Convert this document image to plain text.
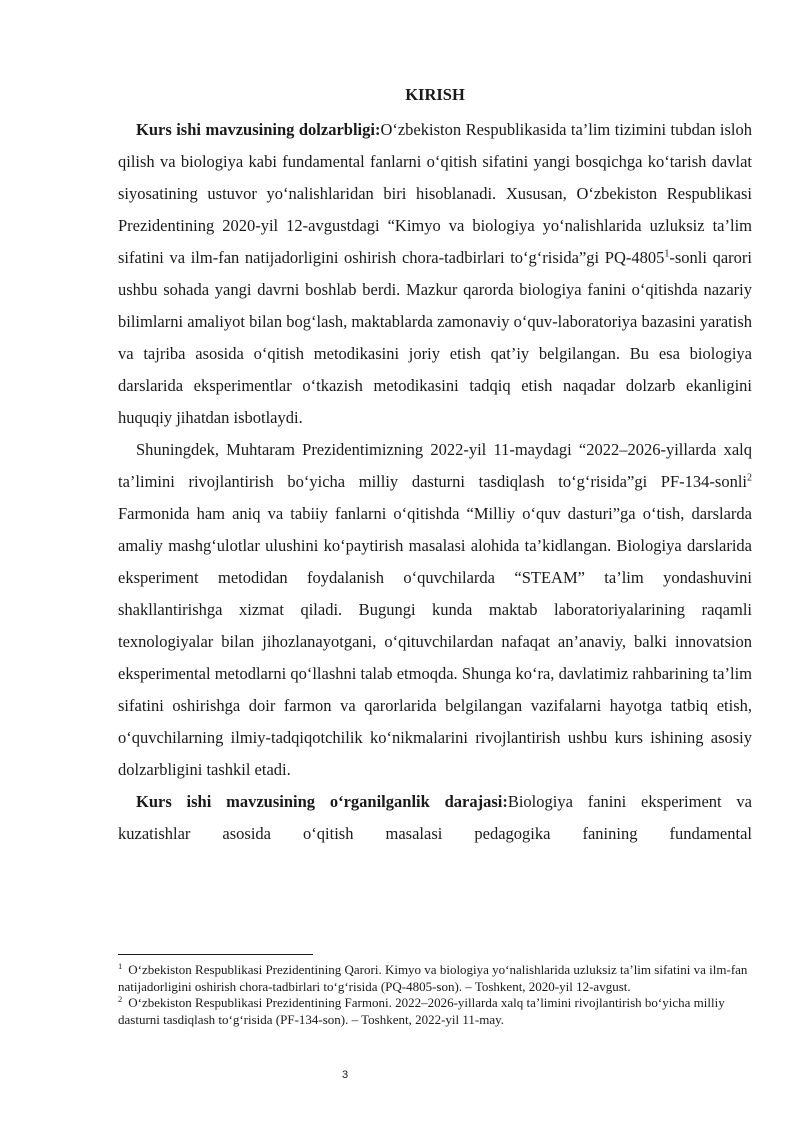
KIRISH

Kurs ishi mavzusining dolzarbligi:O‘zbekiston Respublikasida ta’lim tizimini tubdan isloh qilish va biologiya kabi fundamental fanlarni o‘qitish sifatini yangi bosqichga ko‘tarish davlat siyosatining ustuvor yo‘nalishlaridan biri hisoblanadi. Xususan, O‘zbekiston Respublikasi Prezidentining 2020-yil 12-avgustdagi “Kimyo va biologiya yo‘nalishlarida uzluksiz ta’lim sifatini va ilm-fan natijadorligini oshirish chora-tadbirlari to‘g‘risida”gi PQ-4805$^1$-sonli qarori ushbu sohada yangi davrni boshlab berdi. Mazkur qarorda biologiya fanini o‘qitishda nazariy bilimlarni amaliyot bilan bog‘lash, maktablarda zamonaviy o‘quv-laboratoriya bazasini yaratish va tajriba asosida o‘qitish metodikasini joriy etish qat’iy belgilangan. Bu esa biologiya darslarida eksperimentlar o‘tkazish metodikasini tadqiq etish naqadar dolzarb ekanligini huquqiy jihatdan isbotlaydi.

Shuningdek, Muhtaram Prezidentimizning 2022-yil 11-maydagi “2022–2026-yillarda xalq ta’limini rivojlantirish bo‘yicha milliy dasturni tasdiqlash to‘g‘risida”gi PF-134-sonli$^2$ Farmonida ham aniq va tabiiy fanlarni o‘qitishda “Milliy o‘quv dasturi”ga o‘tish, darslarda amaliy mashg‘ulotlar ulushini ko‘paytirish masalasi alohida ta’kidlangan. Biologiya darslarida eksperiment metodidan foydalanish o‘quvchilarda “STEAM” ta’lim yondashuvini shakllantirishga xizmat qiladi. Bugungi kunda maktab laboratoriyalarining raqamli texnologiyalar bilan jihozlanayotgani, o‘qituvchilardan nafaqat an’anaviy, balki innovatsion eksperimental metodlarni qo‘llashni talab etmoqda. Shunga ko‘ra, davlatimiz rahbarining ta’lim sifatini oshirishga doir farmon va qarorlarida belgilangan vazifalarni hayotga tatbiq etish, o‘quvchilarning ilmiy-tadqiqotchilik ko‘nikmalarini rivojlantirish ushbu kurs ishining asosiy dolzarbligini tashkil etadi.

Kurs ishi mavzusining o‘rganilganlik darajasi:Biologiya fanini eksperiment va kuzatishlar asosida o‘qitish masalasi pedagogika fanining fundamental

$^1$ O‘zbekiston Respublikasi Prezidentining Qarori. Kimyo va biologiya yo‘nalishlarida uzluksiz ta’lim sifatini va ilm-fan natijadorligini oshirish chora-tadbirlari to‘g‘risida (PQ-4805-son). – Toshkent, 2020-yil 12-avgust.

$^2$ O‘zbekiston Respublikasi Prezidentining Farmoni. 2022–2026-yillarda xalq ta’limini rivojlantirish bo‘yicha milliy dasturni tasdiqlash to‘g‘risida (PF-134-son). – Toshkent, 2022-yil 11-may.

3
